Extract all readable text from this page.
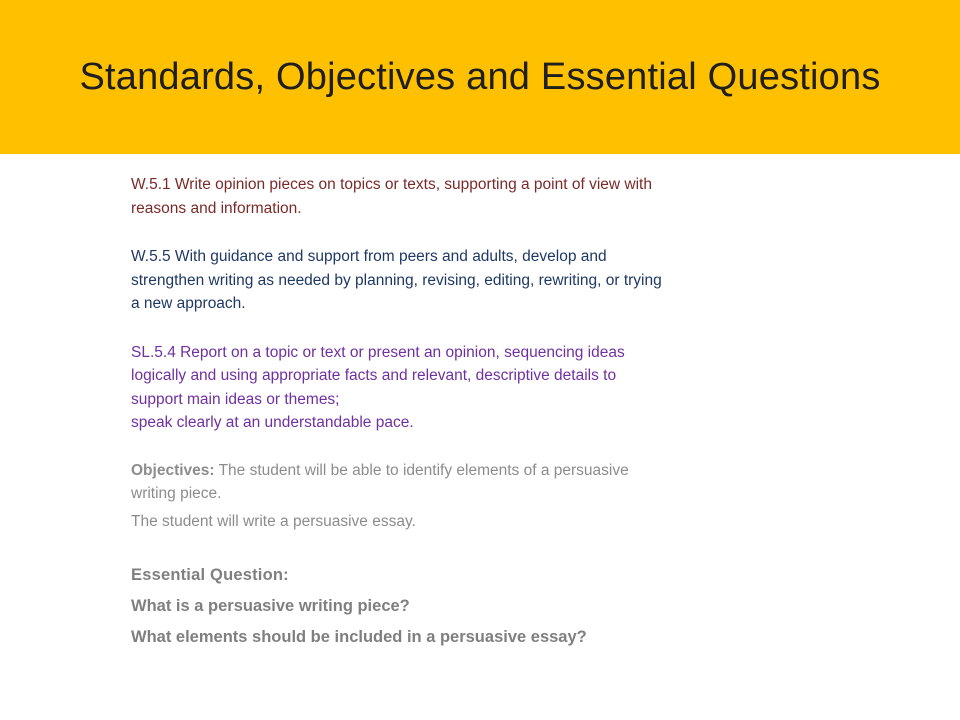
Standards, Objectives and Essential Questions

W.5.1 Write opinion pieces on topics or texts, supporting a point of view with reasons and information.

W.5.5 With guidance and support from peers and adults, develop and strengthen writing as needed by planning, revising, editing, rewriting, or trying a new approach.

SL.5.4 Report on a topic or text or present an opinion, sequencing ideas logically and using appropriate facts and relevant, descriptive details to support main ideas or themes;
speak clearly at an understandable pace.

Objectives: The student will be able to identify elements of a persuasive writing piece.

The student will write a persuasive essay.

Essential Question:

What is a persuasive writing piece?

What elements should be included in a persuasive essay?
